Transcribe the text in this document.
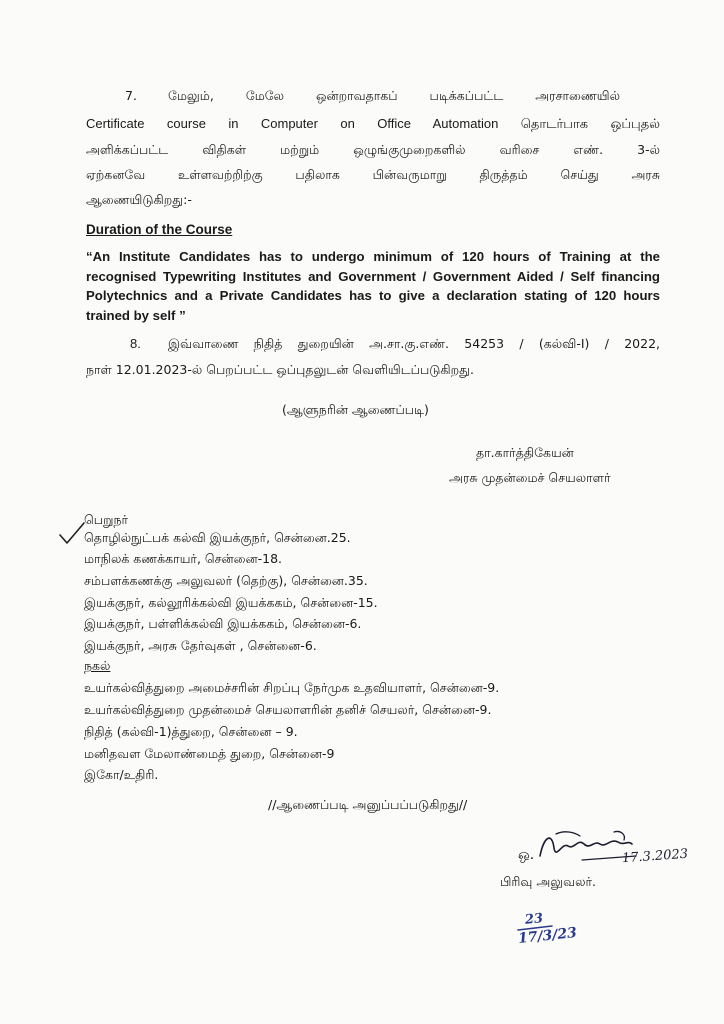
7. மேலும், மேலே ஒன்றாவதாகப் படிக்கப்பட்ட அரசாணையில்
Certificate course in Computer on Office Automation தொடர்பாக ஒப்புதல்
அளிக்கப்பட்ட விதிகள் மற்றும் ஒழுங்குமுறைகளில் வரிசை எண். 3-ல்
ஏற்கனவே உள்ளவற்றிற்கு பதிலாக பின்வருமாறு திருத்தம் செய்து அரசு
ஆணையிடுகிறது:-
Duration of the Course
“An Institute Candidates has to undergo minimum of 120 hours of Training at the recognised Typewriting Institutes and Government / Government Aided / Self financing Polytechnics and a Private Candidates has to give a declaration stating of 120 hours trained by self ”
8. இவ்வாணை நிதித் துறையின் அ.சா.கு.எண். 54253 / (கல்வி-I) / 2022,
நாள் 12.01.2023-ல் பெறப்பட்ட ஒப்புதலுடன் வெளியிடப்படுகிறது.
(ஆளுநரின் ஆணைப்படி)
தா.கார்த்திகேயன்
அரசு முதன்மைச் செயலாளர்
பெறுநர்
தொழில்நுட்பக் கல்வி இயக்குநர், சென்னை.25.
மாநிலக் கணக்காயர், சென்னை-18.
சம்பளக்கணக்கு அலுவலர் (தெற்கு), சென்னை.35.
இயக்குநர், கல்லூரிக்கல்வி இயக்ககம், சென்னை-15.
இயக்குநர், பள்ளிக்கல்வி இயக்ககம், சென்னை-6.
இயக்குநர், அரசு தேர்வுகள் , சென்னை-6.
நகல்
உயர்கல்வித்துறை அமைச்சரின் சிறப்பு நேர்முக உதவியாளர், சென்னை-9.
உயர்கல்வித்துறை முதன்மைச் செயலாளரின் தனிச் செயலர், சென்னை-9.
நிதித் (கல்வி-1)த்துறை, சென்னை – 9.
மனிதவள மேலாண்மைத் துறை, சென்னை-9
இகோ/உதிரி.
//ஆணைப்படி அனுப்பப்படுகிறது//
ஒ.	17.3.2023
பிரிவு அலுவலர்.
23
17/3/23
